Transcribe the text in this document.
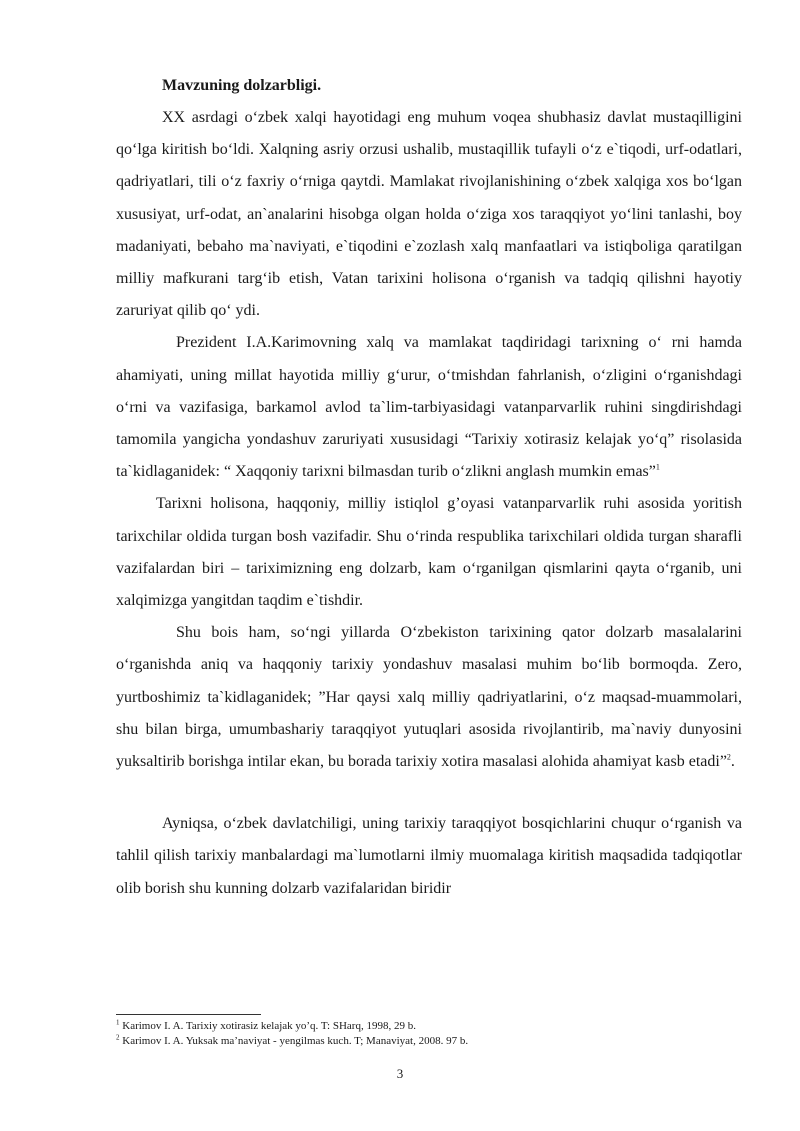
Mavzuning dolzarbligi.

XX asrdagi o‘zbek xalqi hayotidagi eng muhum voqea shubhasiz davlat mustaqilligini qo‘lga kiritish bo‘ldi. Xalqning asriy orzusi ushalib, mustaqillik tufayli o‘z e`tiqodi, urf-odatlari, qadriyatlari, tili o‘z faxriy o‘rniga qaytdi. Mamlakat rivojlanishining o‘zbek xalqiga xos bo‘lgan xususiyat, urf-odat, an`analarini hisobga olgan holda o‘ziga xos taraqqiyot yo‘lini tanlashi, boy madaniyati, bebaho ma`naviyati, e`tiqodini e`zozlash xalq manfaatlari va istiqboliga qaratilgan milliy mafkurani targ‘ib etish, Vatan tarixini holisona o‘rganish va tadqiq qilishni hayotiy zaruriyat qilib qo‘ ydi.

Prezident I.A.Karimovning xalq va mamlakat taqdiridagi tarixning o‘ rni hamda ahamiyati, uning millat hayotida milliy g‘urur, o‘tmishdan fahrlanish, o‘zligini o‘rganishdagi o‘rni va vazifasiga, barkamol avlod ta`lim-tarbiyasidagi vatanparvarlik ruhini singdirishdagi tamomila yangicha yondashuv zaruriyati xususidagi “Tarixiy xotirasiz kelajak yo‘q” risolasida ta`kidlaganidek: “ Xaqqoniy tarixni bilmasdan turib o‘zlikni anglash mumkin emas”$^1$

Tarixni holisona, haqqoniy, milliy istiqlol g’oyasi vatanparvarlik ruhi asosida yoritish tarixchilar oldida turgan bosh vazifadir. Shu o‘rinda respublika tarixchilari oldida turgan sharafli vazifalardan biri – tariximizning eng dolzarb, kam o‘rganilgan qismlarini qayta o‘rganib, uni xalqimizga yangitdan taqdim e`tishdir.

Shu bois ham, so‘ngi yillarda O‘zbekiston tarixining qator dolzarb masalalarini o‘rganishda aniq va haqqoniy tarixiy yondashuv masalasi muhim bo‘lib bormoqda. Zero, yurtboshimiz ta`kidlaganidek; ”Har qaysi xalq milliy qadriyatlarini, o‘z maqsad-muammolari, shu bilan birga, umumbashariy taraqqiyot yutuqlari asosida rivojlantirib, ma`naviy dunyosini yuksaltirib borishga intilar ekan, bu borada tarixiy xotira masalasi alohida ahamiyat kasb etadi”$^2$.

Ayniqsa, o‘zbek davlatchiligi, uning tarixiy taraqqiyot bosqichlarini chuqur o‘rganish va tahlil qilish tarixiy manbalardagi ma`lumotlarni ilmiy muomalaga kiritish maqsadida tadqiqotlar olib borish shu kunning dolzarb vazifalaridan biridir

$^1$ Karimov I. A. Tarixiy xotirasiz kelajak yo’q. T: SHarq, 1998, 29 b.

$^2$ Karimov I. A. Yuksak ma’naviyat - yengilmas kuch. T; Manaviyat, 2008. 97 b.

3
